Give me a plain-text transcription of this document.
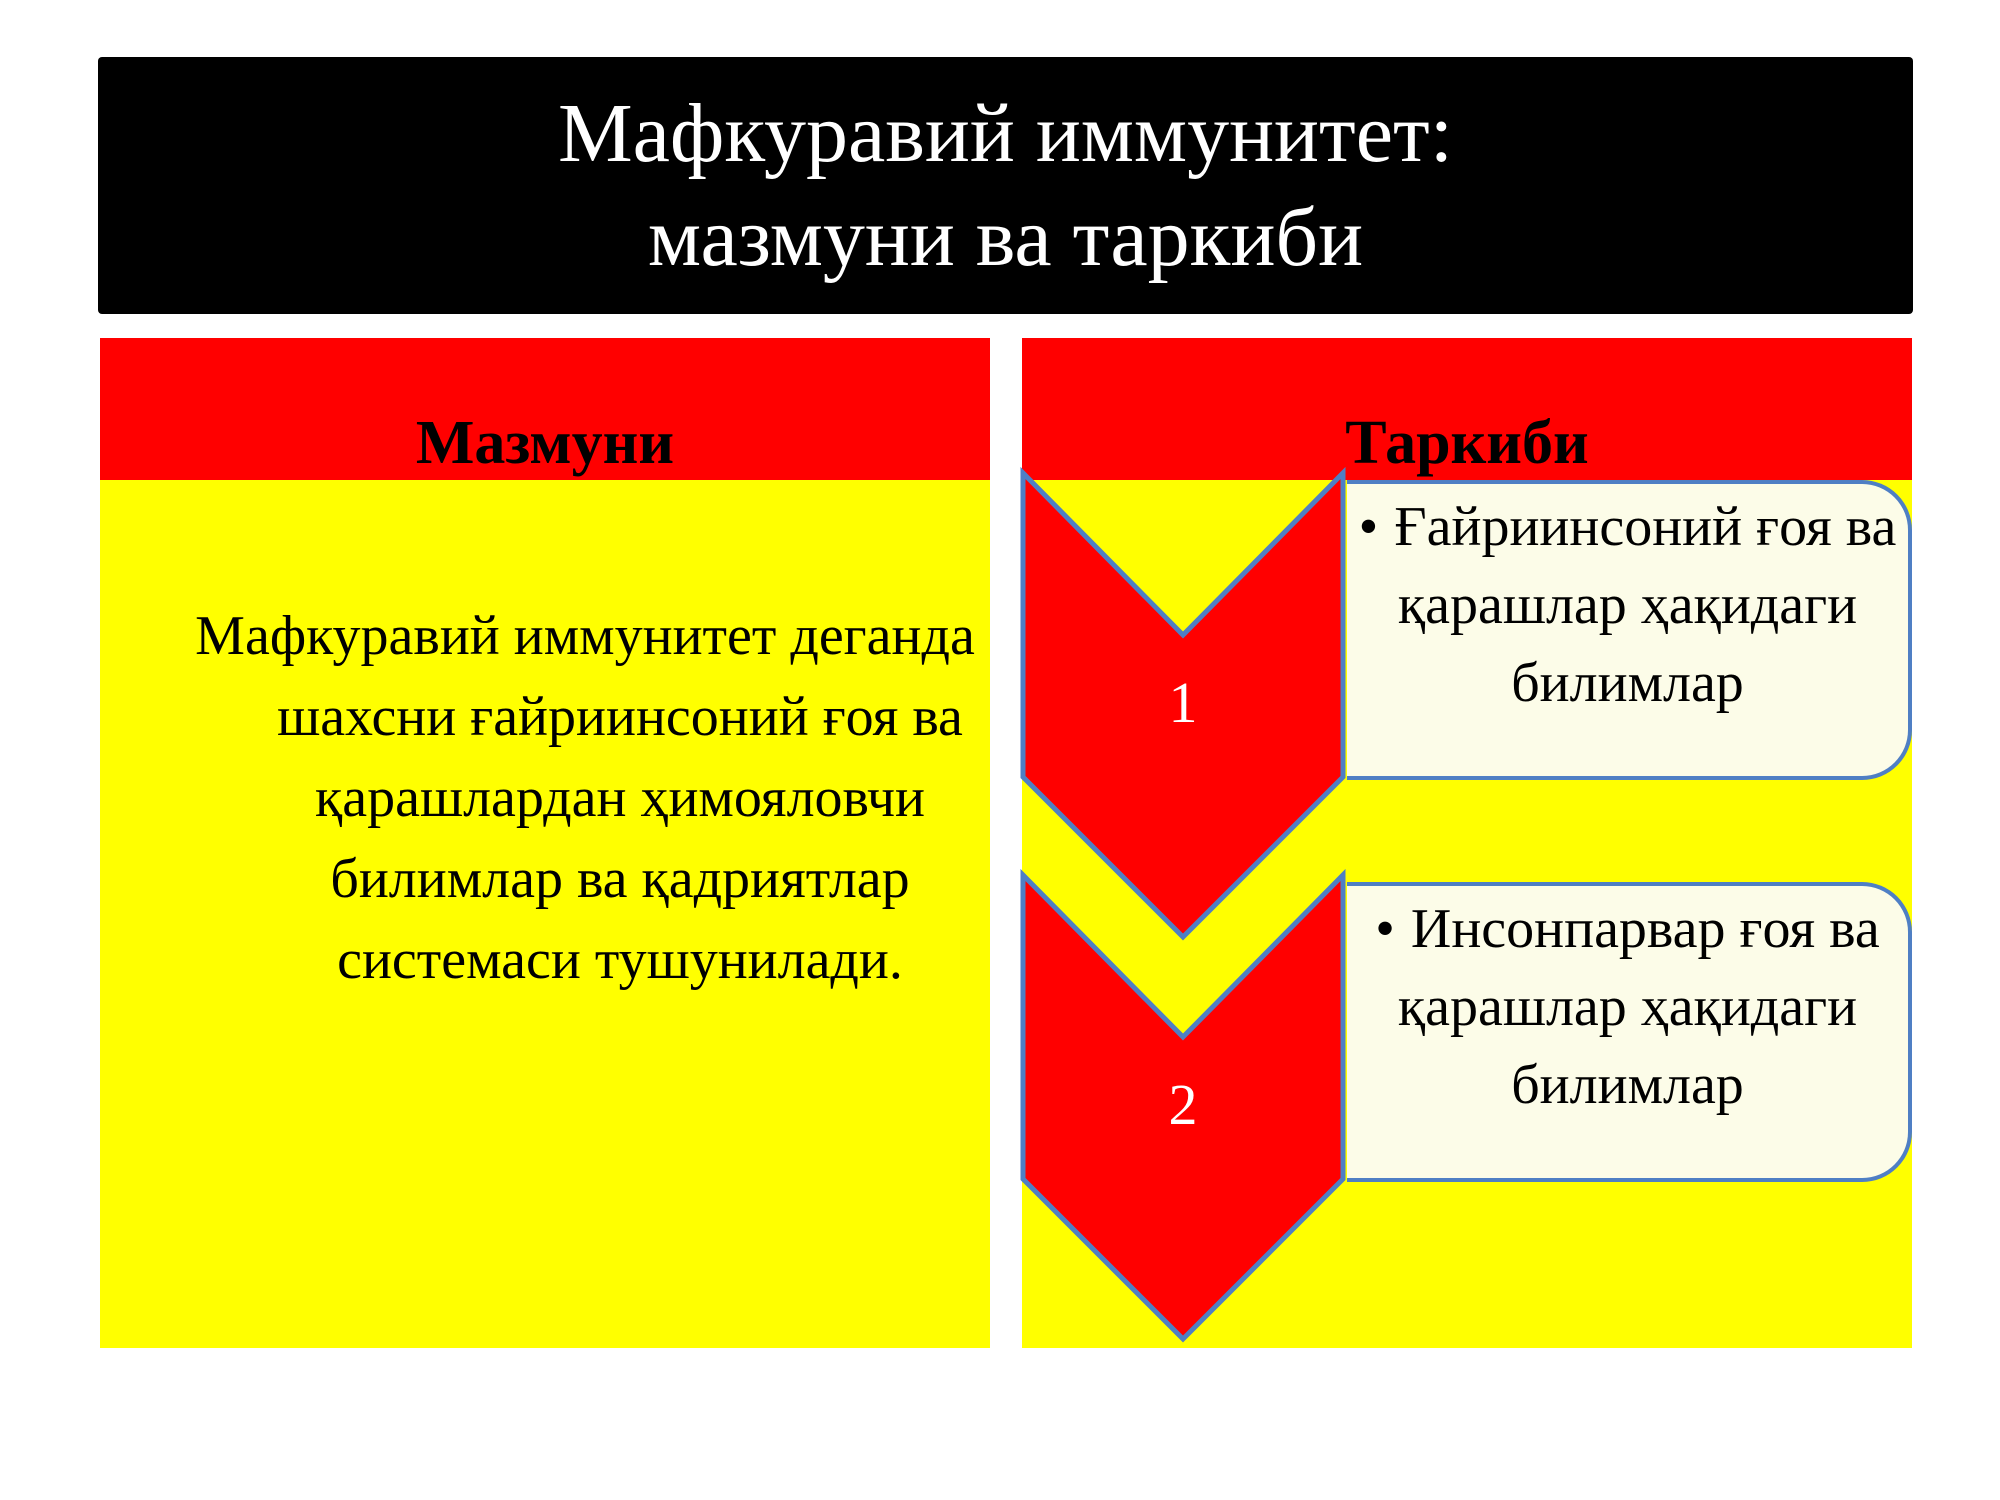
Мафкуравий иммунитет:
мазмуни ва таркиби
Мазмуни
Мафкуравий иммунитет деганда шахсни ғайриинсоний ғоя ва қарашлардан ҳимояловчи билимлар ва қадриятлар системаси тушунилади.
Таркиби
1
2
• Ғайриинсоний ғоя ва қарашлар ҳақидаги билимлар
• Инсонпарвар ғоя ва қарашлар ҳақидаги билимлар
